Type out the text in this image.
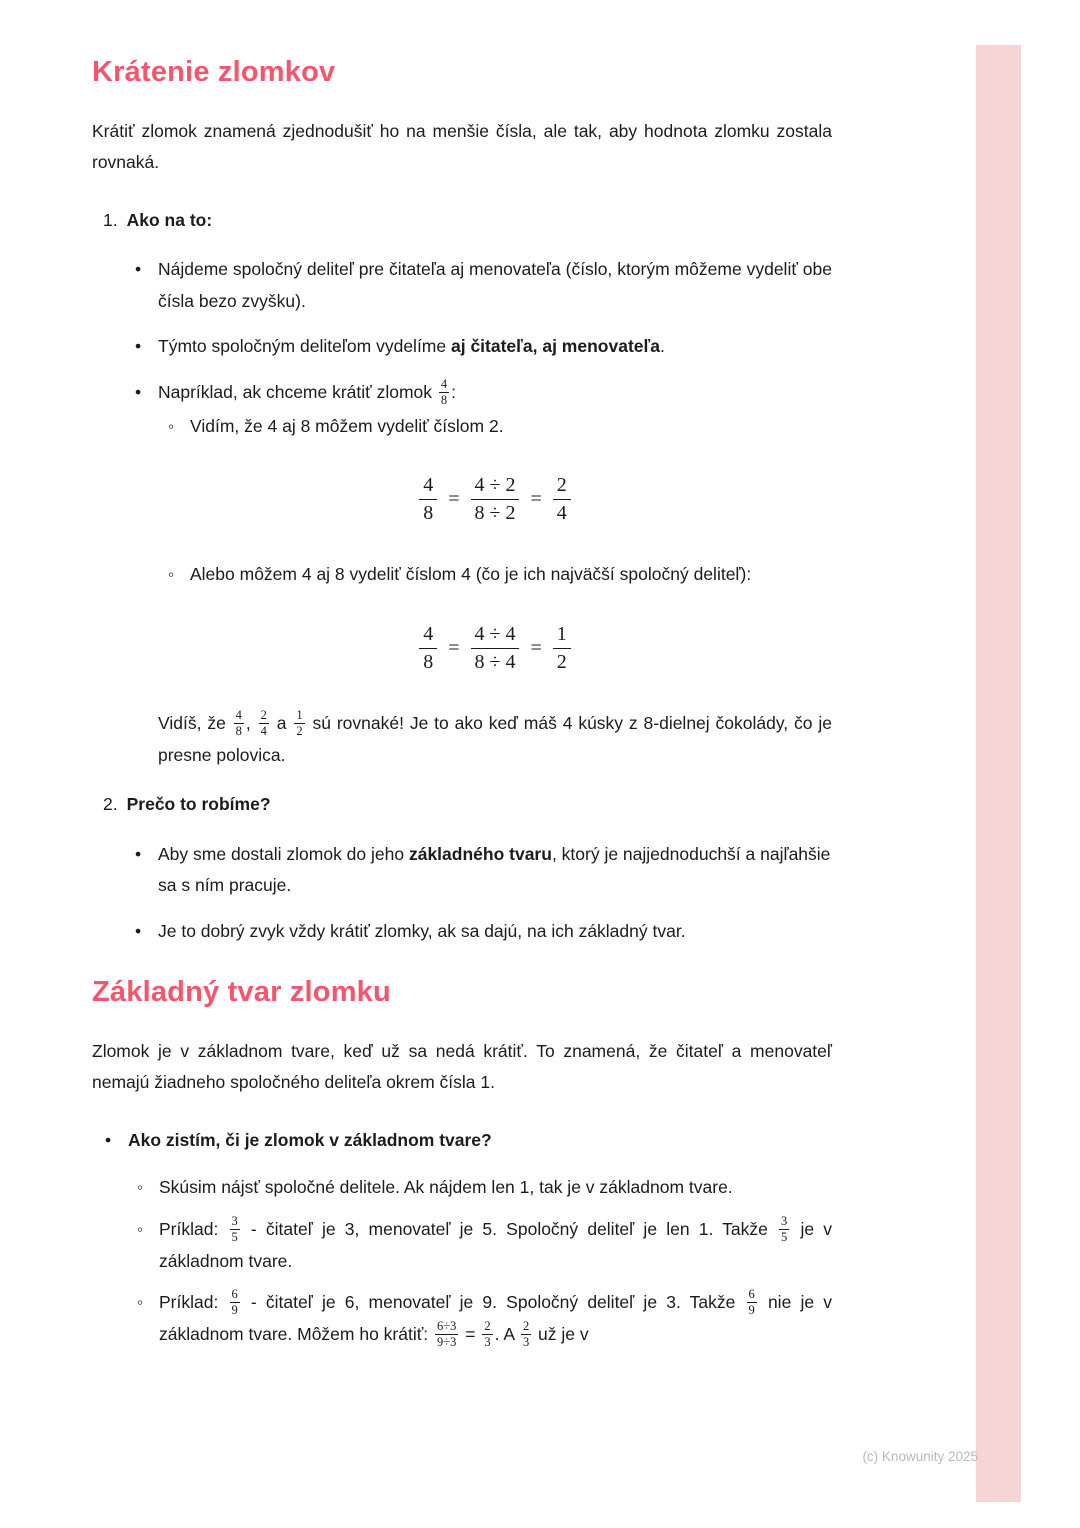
(c) Knowunity 2025
Krátenie zlomkov

Krátiť zlomok znamená zjednodušiť ho na menšie čísla, ale tak, aby hodnota zlomku zostala rovnaká.

1. Ako na to:
• Nájdeme spoločný deliteľ pre čitateľa aj menovateľa (číslo, ktorým môžeme vydeliť obe čísla bezo zvyšku).
• Týmto spoločným deliteľom vydelíme aj čitateľa, aj menovateľa.
• Napríklad, ak chceme krátiť zlomok $\frac{4}{8}$ :
◦ Vidím, že 4 aj 8 môžem vydeliť číslom 2.
$\frac{4}{8} = \frac{4 \div 2}{8 \div 2} = \frac{2}{4}$
◦ Alebo môžem 4 aj 8 vydeliť číslom 4 (čo je ich najväčší spoločný deliteľ):
$\frac{4}{8} = \frac{4 \div 4}{8 \div 4} = \frac{1}{2}$

Vidíš, že $\frac{4}{8}$ , $\frac{2}{4}$ a $\frac{1}{2}$ sú rovnaké! Je to ako keď máš 4 kúsky z 8-dielnej čokolády, čo je presne polovica.

2. Prečo to robíme?
• Aby sme dostali zlomok do jeho základného tvaru, ktorý je najjednoduchší a najľahšie sa s ním pracuje.
• Je to dobrý zvyk vždy krátiť zlomky, ak sa dajú, na ich základný tvar.
Základný tvar zlomku

Zlomok je v základnom tvare, keď už sa nedá krátiť. To znamená, že čitateľ a menovateľ nemajú žiadneho spoločného deliteľa okrem čísla 1.

• Ako zistím, či je zlomok v základnom tvare?
◦ Skúsim nájsť spoločné delitele. Ak nájdem len 1, tak je v základnom tvare.
◦ Príklad: $\frac{3}{5}$ - čitateľ je 3, menovateľ je 5. Spoločný deliteľ je len 1. Takže $\frac{3}{5}$ je v základnom tvare.
◦ Príklad: $\frac{6}{9}$ - čitateľ je 6, menovateľ je 9. Spoločný deliteľ je 3. Takže $\frac{6}{9}$ nie je v základnom tvare. Môžem ho krátiť: $\frac{6\div 3}{9\div 3} = \frac{2}{3}$ . A $\frac{2}{3}$ už je v
